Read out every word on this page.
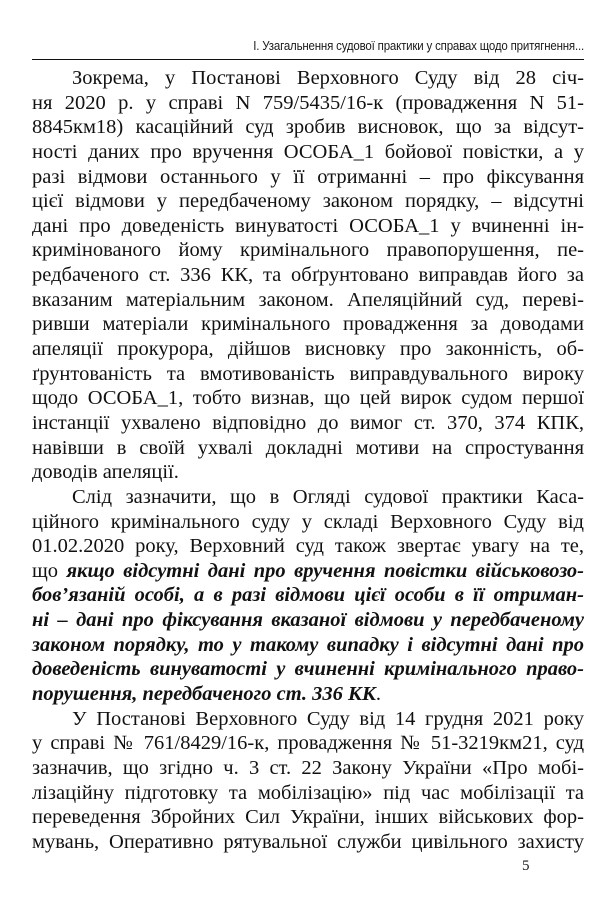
І. Узагальнення судової практики у справах щодо притягнення...
Зокрема, у Постанові Верховного Суду від 28 січ-
ня 2020 р. у справі N 759/5435/16-к (провадження N 51-
8845км18) касаційний суд зробив висновок, що за відсут-
ності даних про вручення ОСОБА_1 бойової повістки, а у
разі відмови останнього у її отриманні – про фіксування
цієї відмови у передбаченому законом порядку, – відсутні
дані про доведеність винуватості ОСОБА_1 у вчиненні ін-
кримінованого йому кримінального правопорушення, пе-
редбаченого ст. 336 КК, та обґрунтовано виправдав його за
вказаним матеріальним законом. Апеляційний суд, переві-
ривши матеріали кримінального провадження за доводами
апеляції прокурора, дійшов висновку про законність, об-
ґрунтованість та вмотивованість виправдувального вироку
щодо ОСОБА_1, тобто визнав, що цей вирок судом першої
інстанції ухвалено відповідно до вимог ст. 370, 374 КПК,
навівши в своїй ухвалі докладні мотиви на спростування
доводів апеляції.
Слід зазначити, що в Огляді судової практики Каса-
ційного кримінального суду у складі Верховного Суду від
01.02.2020 року, Верховний суд також звертає увагу на те,
що якщо відсутні дані про вручення повістки військовозо-
бов’язаній особі, а в разі відмови цієї особи в її отриман-
ні – дані про фіксування вказаної відмови у передбаченому
законом порядку, то у такому випадку і відсутні дані про
доведеність винуватості у вчиненні кримінального право-
порушення, передбаченого ст. 336 КК.
У Постанові Верховного Суду від 14 грудня 2021 року
у справі № 761/8429/16-к, провадження № 51-3219км21, суд
зазначив, що згідно ч. 3 ст. 22 Закону України «Про мобі-
лізаційну підготовку та мобілізацію» під час мобілізації та
переведення Збройних Сил України, інших військових фор-
мувань, Оперативно рятувальної служби цивільного захисту
5
